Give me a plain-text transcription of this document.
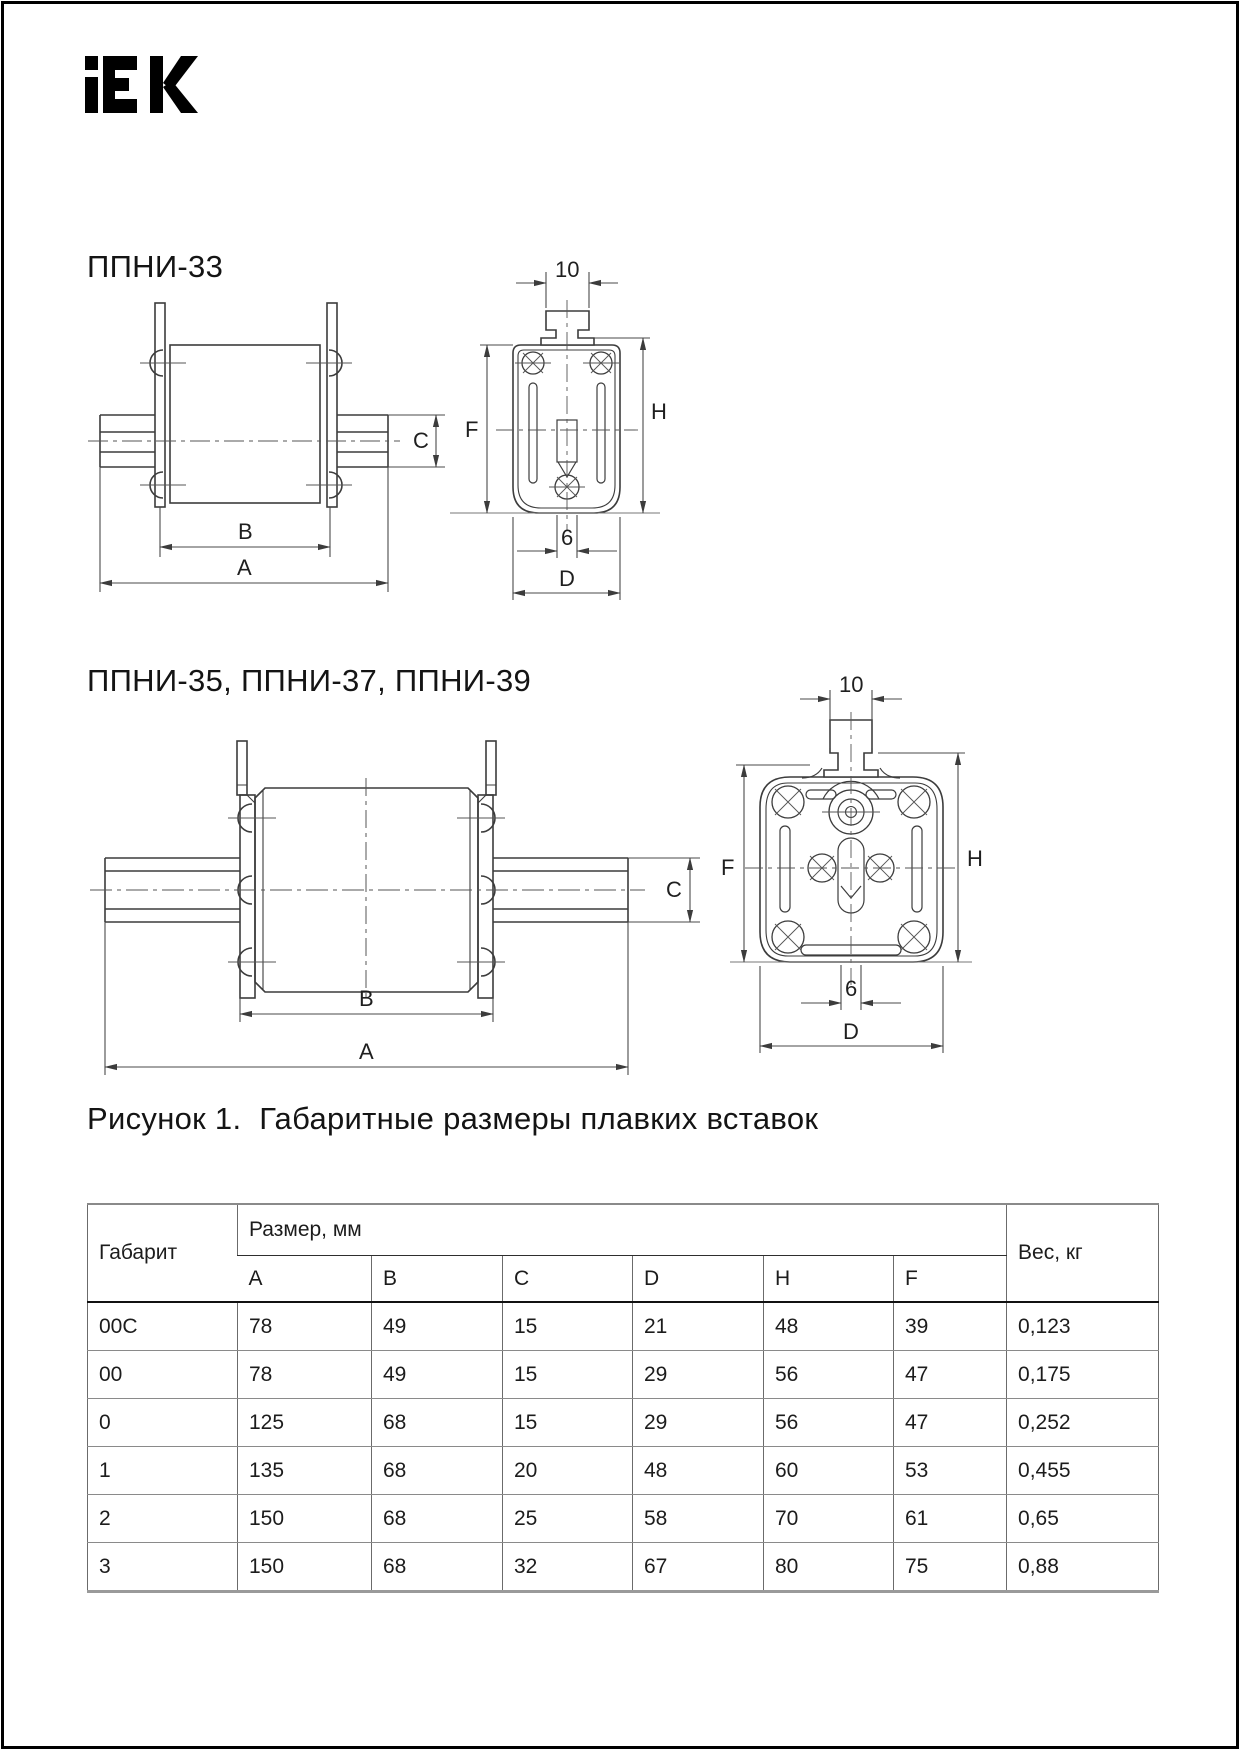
ППНИ-33
ППНИ-35, ППНИ-37, ППНИ-39
Рисунок 1.  Габаритные размеры плавких вставок
C
B
A
10
F
H
6
D
C
B
A
10
F	H
6
D
Габарит	Размер, мм						Вес, кг
	A	B	C	D	H	F	
00C	78	49	15	21	48	39	0,123
00	78	49	15	29	56	47	0,175
0	125	68	15	29	56	47	0,252
1	135	68	20	48	60	53	0,455
2	150	68	25	58	70	61	0,65
3	150	68	32	67	80	75	0,88
